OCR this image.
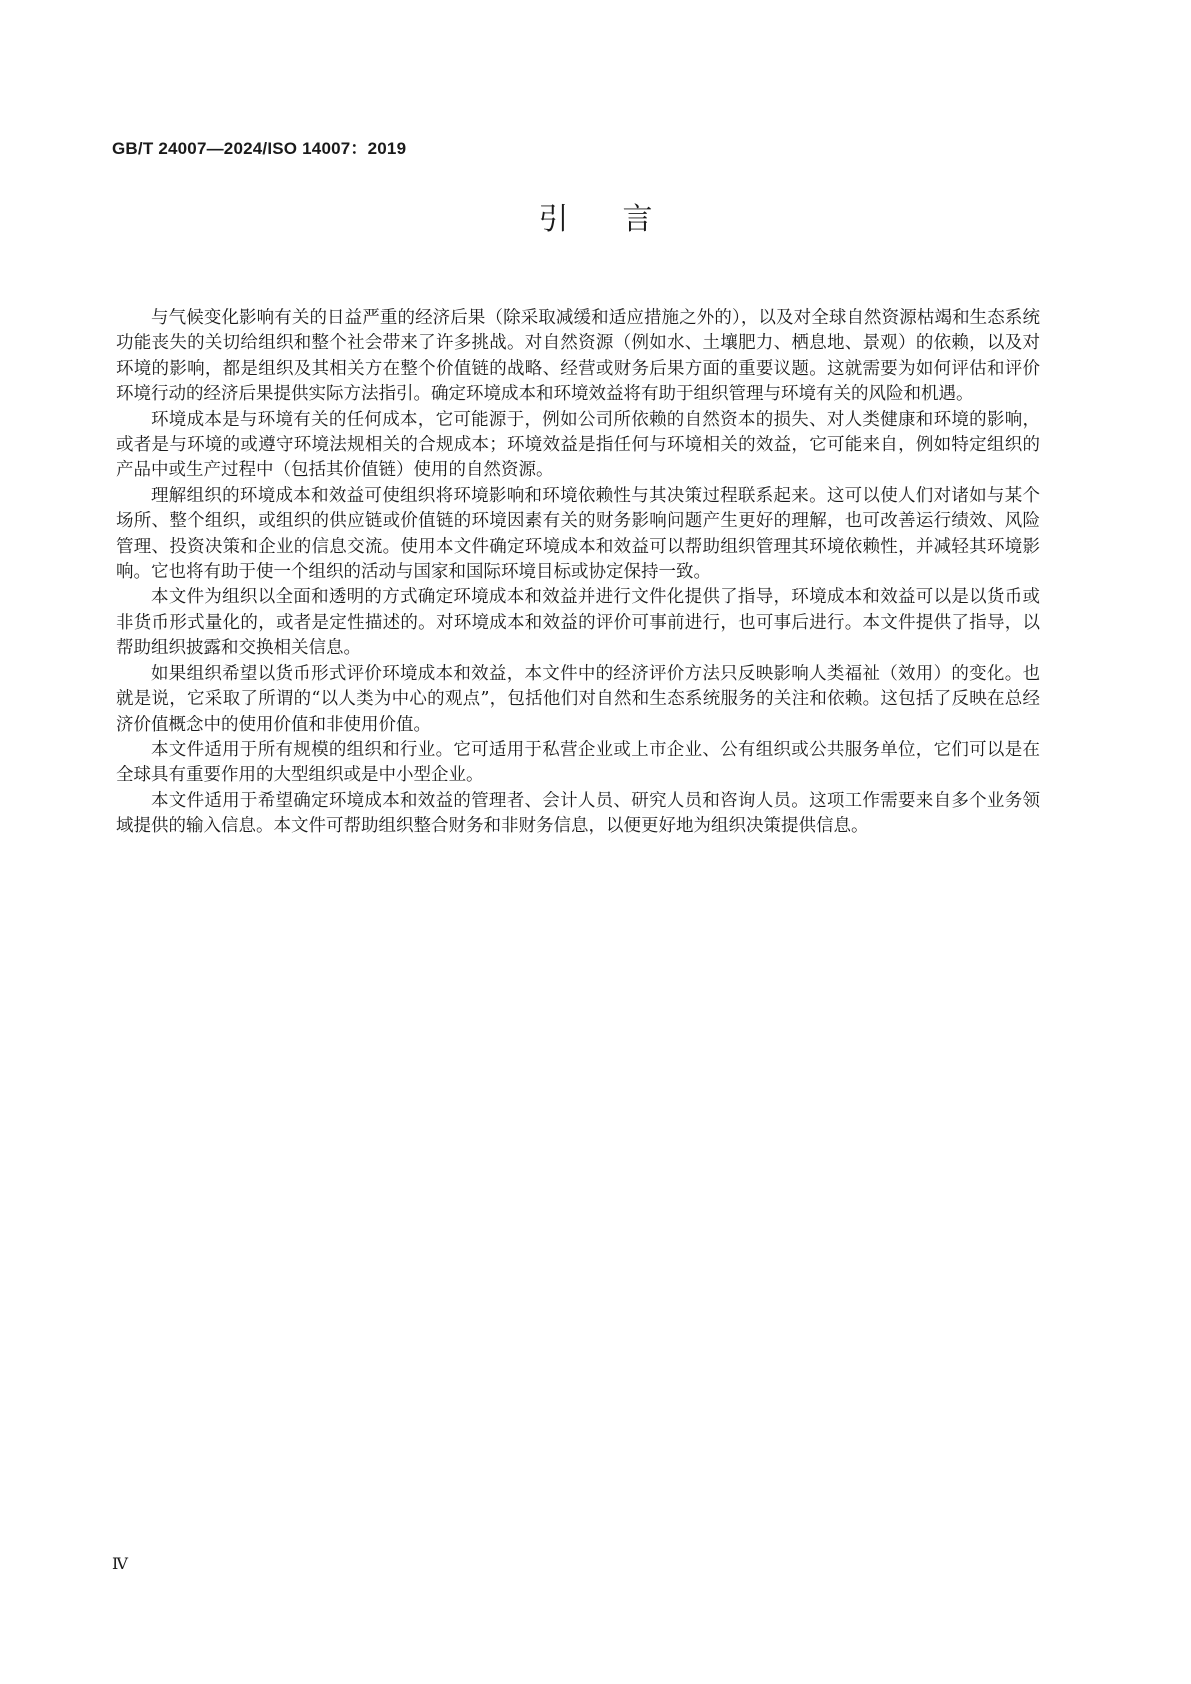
GB/T 24007—2024/ISO 14007：2019
引言

与气候变化影响有关的日益严重的经济后果（除采取减缓和适应措施之外的），以及对全球自然资源枯竭和生态系统功能丧失的关切给组织和整个社会带来了许多挑战。对自然资源（例如水、土壤肥力、栖息地、景观）的依赖，以及对环境的影响，都是组织及其相关方在整个价值链的战略、经营或财务后果方面的重要议题。这就需要为如何评估和评价环境行动的经济后果提供实际方法指引。确定环境成本和环境效益将有助于组织管理与环境有关的风险和机遇。

环境成本是与环境有关的任何成本，它可能源于，例如公司所依赖的自然资本的损失、对人类健康和环境的影响，或者是与环境的或遵守环境法规相关的合规成本；环境效益是指任何与环境相关的效益，它可能来自，例如特定组织的产品中或生产过程中（包括其价值链）使用的自然资源。

理解组织的环境成本和效益可使组织将环境影响和环境依赖性与其决策过程联系起来。这可以使人们对诸如与某个场所、整个组织，或组织的供应链或价值链的环境因素有关的财务影响问题产生更好的理解，也可改善运行绩效、风险管理、投资决策和企业的信息交流。使用本文件确定环境成本和效益可以帮助组织管理其环境依赖性，并减轻其环境影响。它也将有助于使一个组织的活动与国家和国际环境目标或协定保持一致。

本文件为组织以全面和透明的方式确定环境成本和效益并进行文件化提供了指导，环境成本和效益可以是以货币或非货币形式量化的，或者是定性描述的。对环境成本和效益的评价可事前进行，也可事后进行。本文件提供了指导，以帮助组织披露和交换相关信息。

如果组织希望以货币形式评价环境成本和效益，本文件中的经济评价方法只反映影响人类福祉（效用）的变化。也就是说，它采取了所谓的“以人类为中心的观点”，包括他们对自然和生态系统服务的关注和依赖。这包括了反映在总经济价值概念中的使用价值和非使用价值。

本文件适用于所有规模的组织和行业。它可适用于私营企业或上市企业、公有组织或公共服务单位，它们可以是在全球具有重要作用的大型组织或是中小型企业。

本文件适用于希望确定环境成本和效益的管理者、会计人员、研究人员和咨询人员。这项工作需要来自多个业务领域提供的输入信息。本文件可帮助组织整合财务和非财务信息，以便更好地为组织决策提供信息。

Ⅳ
